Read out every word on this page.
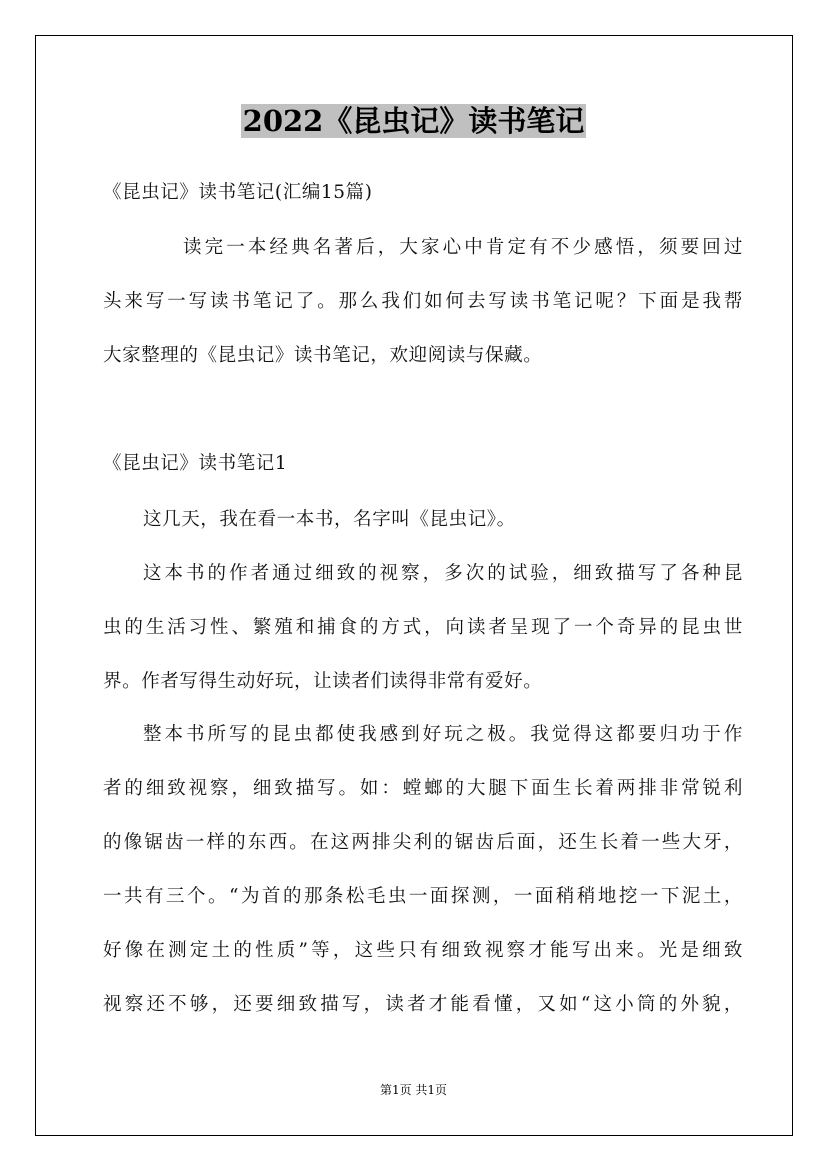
2022《昆虫记》读书笔记
《昆虫记》读书笔记(汇编15篇)
读完一本经典名著后，大家心中肯定有不少感悟，须要回过
头来写一写读书笔记了。那么我们如何去写读书笔记呢？下面是我帮
大家整理的《昆虫记》读书笔记，欢迎阅读与保藏。
《昆虫记》读书笔记1
这几天，我在看一本书，名字叫《昆虫记》。
这本书的作者通过细致的视察，多次的试验，细致描写了各种昆
虫的生活习性、繁殖和捕食的方式，向读者呈现了一个奇异的昆虫世
界。作者写得生动好玩，让读者们读得非常有爱好。
整本书所写的昆虫都使我感到好玩之极。我觉得这都要归功于作
者的细致视察，细致描写。如：螳螂的大腿下面生长着两排非常锐利
的像锯齿一样的东西。在这两排尖利的锯齿后面，还生长着一些大牙，
一共有三个。“为首的那条松毛虫一面探测，一面稍稍地挖一下泥土，
好像在测定土的性质”等，这些只有细致视察才能写出来。光是细致
视察还不够，还要细致描写，读者才能看懂，又如“这小筒的外貌，
第1页 共1页
